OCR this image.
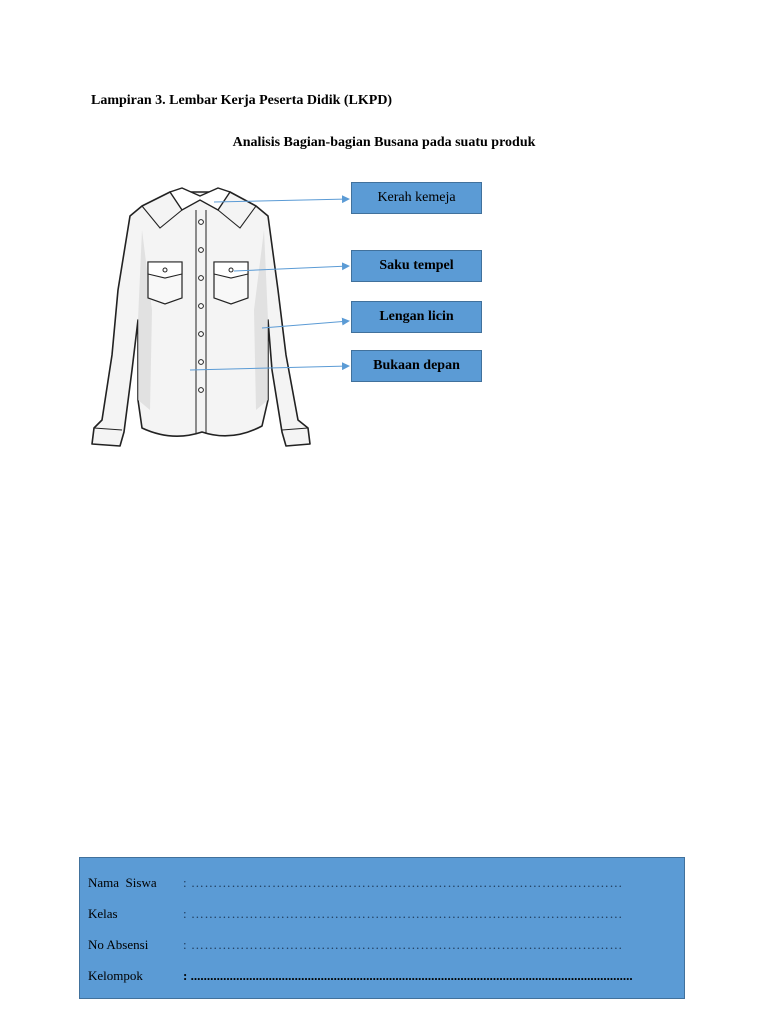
Lampiran 3. Lembar Kerja Peserta Didik (LKPD)
Analisis Bagian-bagian Busana pada suatu produk
Kerah kemeja
Saku tempel
Lengan licin
Bukaan depan
Nama  Siswa	: ……………………………………………………………………………………
Kelas	: ……………………………………………………………………………………
No Absensi	: ……………………………………………………………………………………
Kelompok	: ........................................................................................................................................
